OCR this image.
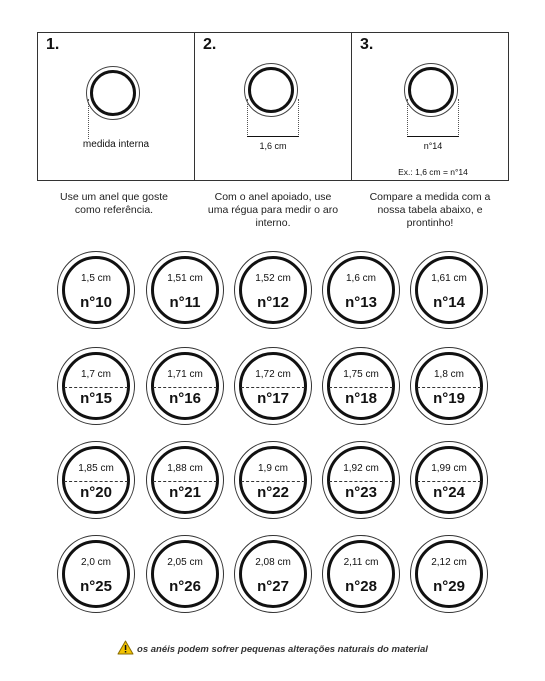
1.
medida interna
2.
1,6 cm
3.
n°14
Ex.: 1,6 cm = n°14
Use um anel que goste como referência.
Com o anel apoiado, use uma régua para medir o aro interno.
Compare a medida com a nossa tabela abaixo, e prontinho!
1,5 cm
n°10
1,51 cm
n°11
1,52 cm
n°12
1,6 cm
n°13
1,61 cm
n°14
1,7 cm
n°15
1,71 cm
n°16
1,72 cm
n°17
1,75 cm
n°18
1,8 cm
n°19
1,85 cm
n°20
1,88 cm
n°21
1,9 cm
n°22
1,92 cm
n°23
1,99 cm
n°24
2,0 cm
n°25
2,05 cm
n°26
2,08 cm
n°27
2,11 cm
n°28
2,12 cm
n°29
os anéis podem sofrer pequenas alterações naturais do material
